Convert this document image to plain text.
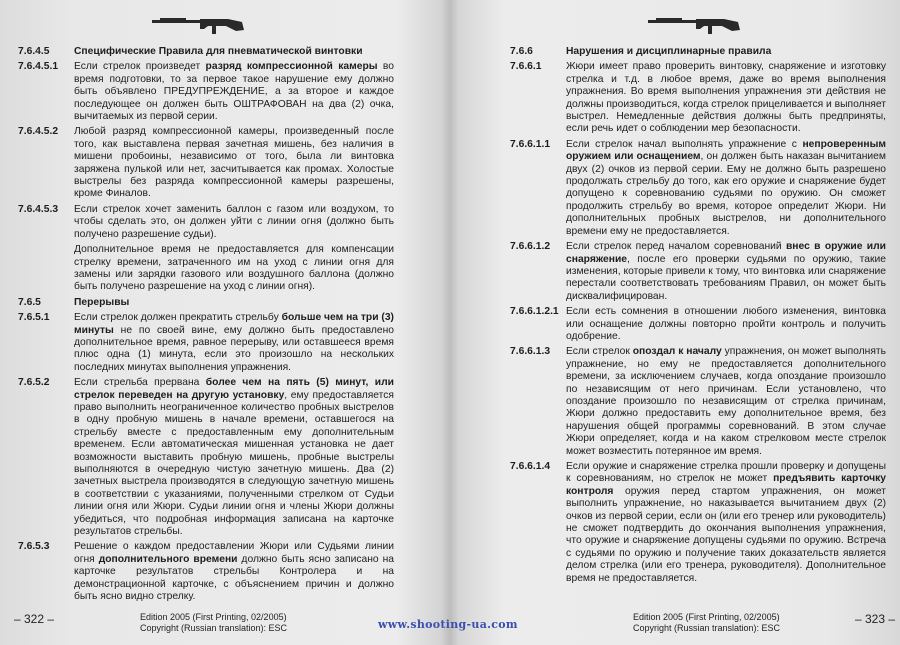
7.6.4.5	Специфические Правила для пневматической винтовки
7.6.4.5.1	Если стрелок произведет разряд компрессионной камеры во время подготовки, то за первое такое нарушение ему должно быть объявлено ПРЕДУПРЕЖДЕНИЕ, а за второе и каждое последующее он должен быть ОШТРАФОВАН на два (2) очка, вычитаемых из первой серии.
7.6.4.5.2	Любой разряд компрессионной камеры, произведенный после того, как выставлена первая зачетная мишень, без наличия в мишени пробоины, независимо от того, была ли винтовка заряжена пулькой или нет, засчитывается как промах. Холостые выстрелы без разряда компрессионной камеры разрешены, кроме Финалов.
7.6.4.5.3	Если стрелок хочет заменить баллон с газом или воздухом, то чтобы сделать это, он должен уйти с линии огня (должно быть получено разрешение судьи).
Дополнительное время не предоставляется для компенсации стрелку времени, затраченного им на уход с линии огня для замены или зарядки газового или воздушного баллона (должно быть получено разрешение на уход с линии огня).
7.6.5	Перерывы
7.6.5.1	Если стрелок должен прекратить стрельбу больше чем на три (3) минуты не по своей вине, ему должно быть предоставлено дополнительное время, равное перерыву, или оставшееся время плюс одна (1) минута, если это произошло на нескольких последних минутах выполнения упражнения.
7.6.5.2	Если стрельба прервана более чем на пять (5) минут, или стрелок переведен на другую установку, ему предоставляется право выполнить неограниченное количество пробных выстрелов в одну пробную мишень в начале времени, оставшегося на стрельбу вместе с предоставленным ему дополнительным временем. Если автоматическая мишенная установка не дает возможности выставить пробную мишень, пробные выстрелы выполняются в очередную чистую зачетную мишень. Два (2) зачетных выстрела производятся в следующую зачетную мишень в соответствии с указаниями, полученными стрелком от Судьи линии огня или Жюри. Судьи линии огня и члены Жюри должны убедиться, что подробная информация записана на карточке результатов стрельбы.
7.6.5.3	Решение о каждом предоставлении Жюри или Судьями линии огня дополнительного времени должно быть ясно записано на карточке результатов стрельбы Контролера и на демонстрационной карточке, с объяснением причин и должно быть ясно видно стрелку.
– 322 –	Edition 2005 (First Printing, 02/2005)
Copyright (Russian translation): ESC
7.6.6	Нарушения и дисциплинарные правила
7.6.6.1	Жюри имеет право проверить винтовку, снаряжение и изготовку стрелка и т.д. в любое время, даже во время выполнения упражнения. Во время выполнения упражнения эти действия не должны производиться, когда стрелок прицеливается и выполняет выстрел. Немедленные действия должны быть предприняты, если речь идет о соблюдении мер безопасности.
7.6.6.1.1	Если стрелок начал выполнять упражнение с непроверенным оружием или оснащением, он должен быть наказан вычитанием двух (2) очков из первой серии. Ему не должно быть разрешено продолжать стрельбу до того, как его оружие и снаряжение будет допущено к соревнованию судьями по оружию. Он сможет продолжить стрельбу во время, которое определит Жюри. Ни дополнительных пробных выстрелов, ни дополнительного времени ему не предоставляется.
7.6.6.1.2	Если стрелок перед началом соревнований внес в оружие или снаряжение, после его проверки судьями по оружию, такие изменения, которые привели к тому, что винтовка или снаряжение перестали соответствовать требованиям Правил, он может быть дисквалифицирован.
7.6.6.1.2.1 Если есть сомнения в отношении любого изменения, винтовка или оснащение должны повторно пройти контроль и получить одобрение.
7.6.6.1.3	Если стрелок опоздал к началу упражнения, он может выполнять упражнение, но ему не предоставляется дополнительного времени, за исключением случаев, когда опоздание произошло по независящим от него причинам. Если установлено, что опоздание произошло по независящим от стрелка причинам, Жюри должно предоставить ему дополнительное время, без нарушения общей программы соревнований. В этом случае Жюри определяет, когда и на каком стрелковом месте стрелок может возместить потерянное им время.
7.6.6.1.4	Если оружие и снаряжение стрелка прошли проверку и допущены к соревнованиям, но стрелок не может предъявить карточку контроля оружия перед стартом упражнения, он может выполнить упражнение, но наказывается вычитанием двух (2) очков из первой серии, если он (или его тренер или руководитель) не сможет подтвердить до окончания выполнения упражнения, что оружие и снаряжение допущены судьями по оружию. Встреча с судьями по оружию и получение таких доказательств является делом стрелка (или его тренера, руководителя). Дополнительное время не предоставляется.
– 323 –
Edition 2005 (First Printing, 02/2005)
Copyright (Russian translation): ESC
www.shooting-ua.com
